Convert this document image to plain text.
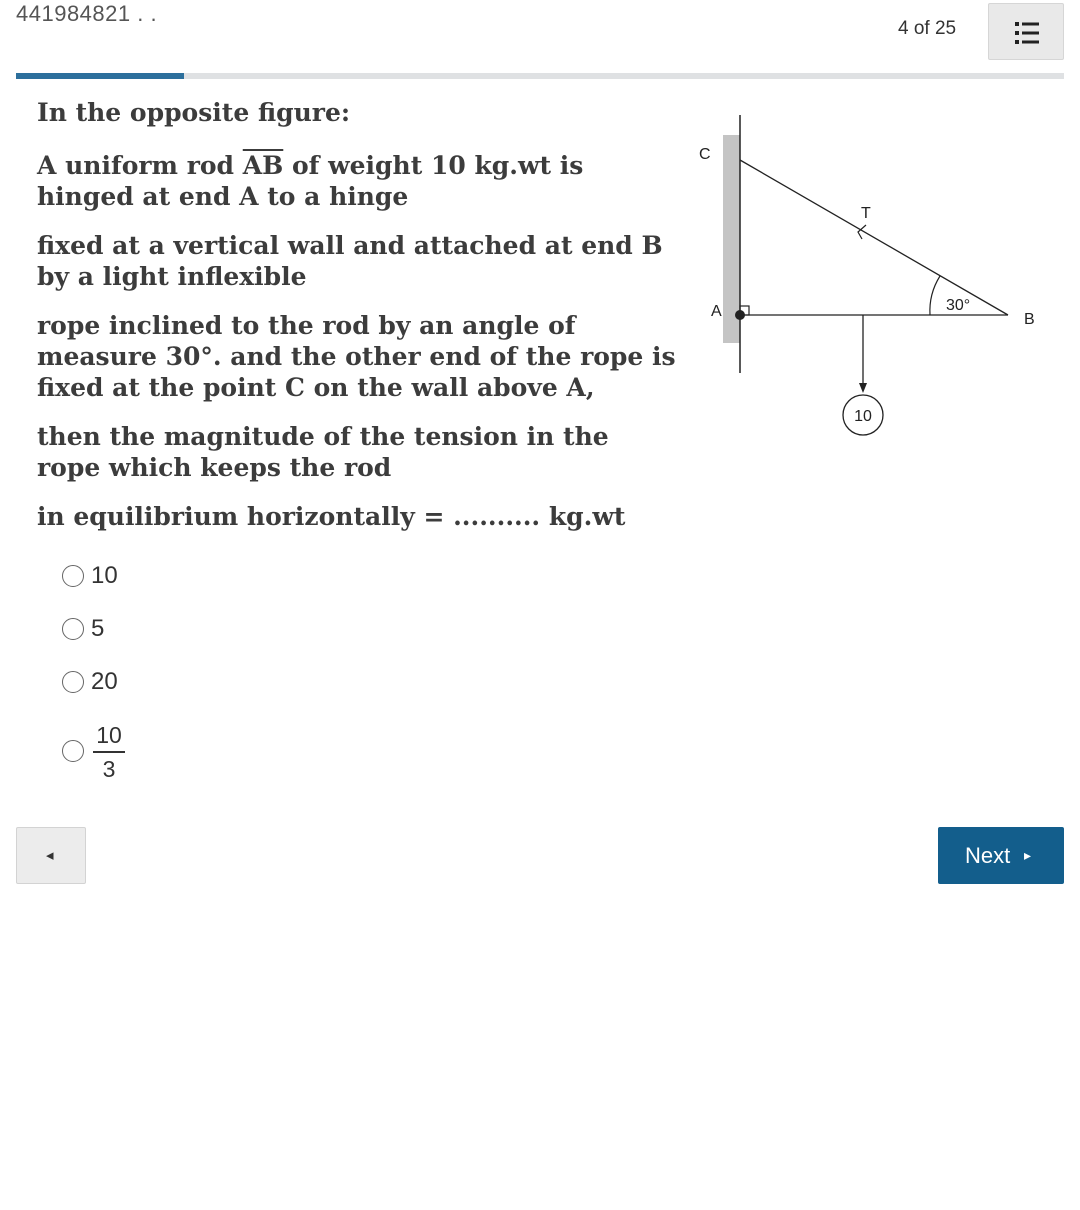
441984821 . .
4 of 25

In the opposite figure:

A uniform rod $\overline{AB}$ of weight 10 kg.wt is hinged at end A to a hinge

fixed at a vertical wall and attached at end B by a light inflexible

rope inclined to the rod by an angle of measure 30°. and the other end of the rope is fixed at the point C on the wall above A,

then the magnitude of the tension in the rope which keeps the rod

in equilibrium horizontally = .......... kg.wt

10
C
T
A	B
30°
10
5
20
10
3
◂	Next ▸
